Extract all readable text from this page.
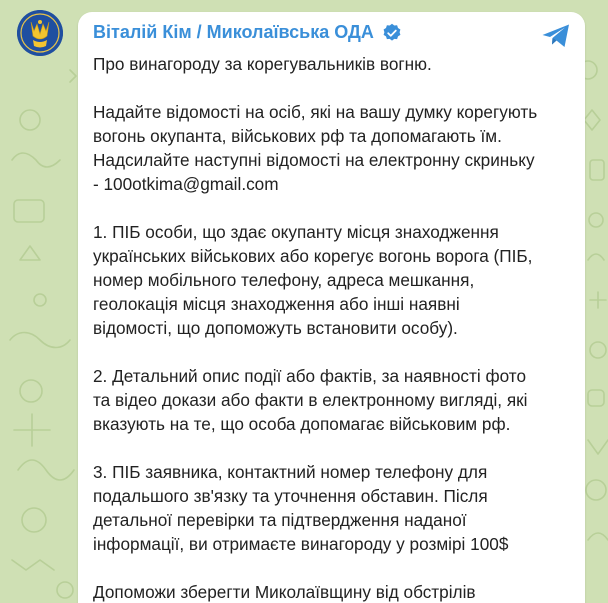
Віталій Кім / Миколаївська ОДА

Про винагороду за корегувальників вогню.

Надайте відомості на осіб, які на вашу думку корегують
вогонь окупанта, військових рф та допомагають їм.
Надсилайте наступні відомості на електронну скриньку
- 100otkima@gmail.com

1. ПІБ особи, що здає окупанту місця знаходження
українських військових або корегує вогонь ворога (ПІБ,
номер мобільного телефону, адреса мешкання,
геолокація місця знаходження або інші наявні
відомості, що допоможуть встановити особу).

2. Детальний опис події або фактів, за наявності фото
та відео докази або факти в електронному вигляді, які
вказують на те, що особа допомагає військовим рф.

3. ПІБ заявника, контактний номер телефону для
подальшого зв'язку та уточнення обставин. Після
детальної перевірки та підтвердження наданої
інформації, ви отримаєте винагороду у розмірі 100$

Допоможи зберегти Миколаївщину від обстрілів
